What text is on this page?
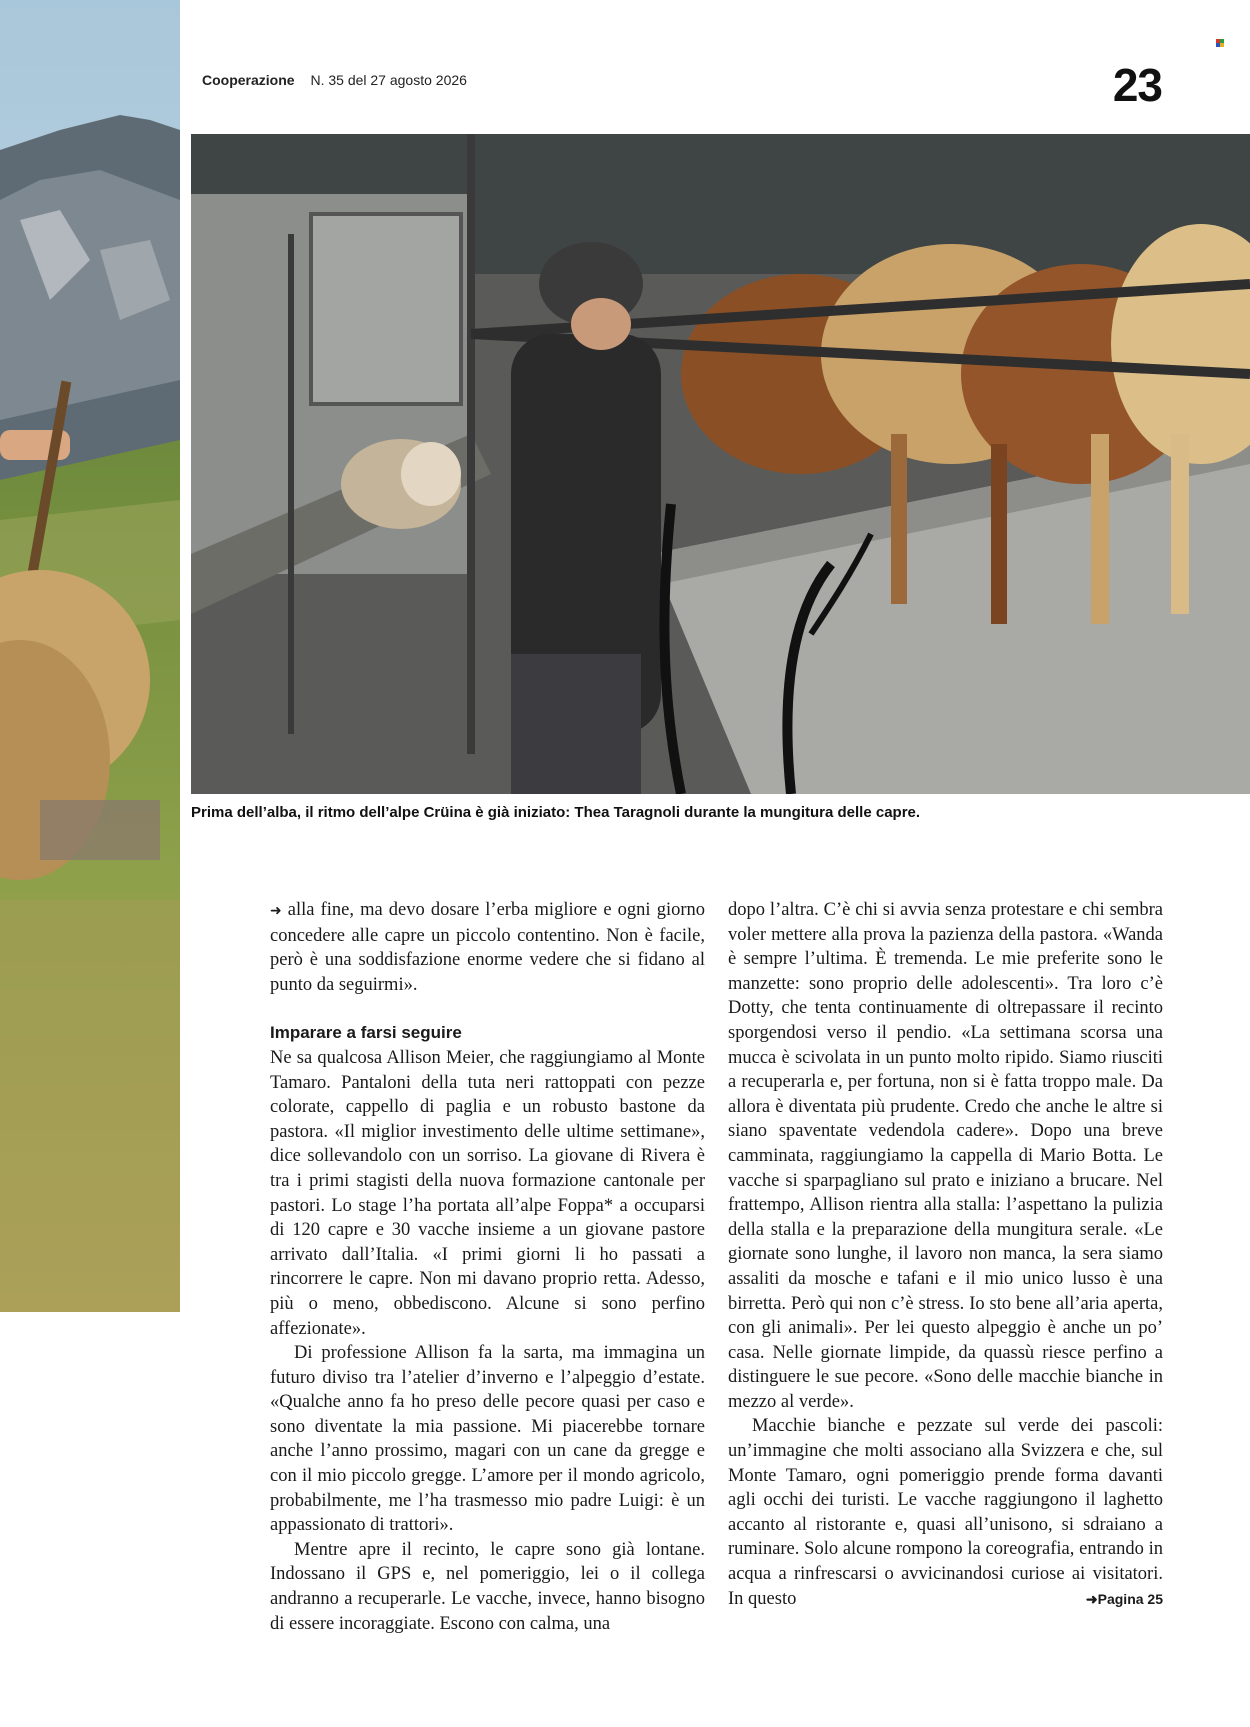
Cooperazione N. 35 del 27 agosto 2026	23
Prima dell’alba, il ritmo dell’alpe Crüina è già iniziato: Thea Taragnoli durante la mungitura delle capre.

➜ alla fine, ma devo dosare l’erba migliore e ogni giorno concedere alle capre un piccolo contentino. Non è facile, però è una soddisfazione enorme vedere che si fidano al punto da seguirmi».

Imparare a farsi seguire

Ne sa qualcosa Allison Meier, che raggiungiamo al Monte Tamaro. Pantaloni della tuta neri rattoppati con pezze colorate, cappello di paglia e un robusto bastone da pastora. «Il miglior investimento delle ultime settimane», dice sollevandolo con un sorriso. La giovane di Rivera è tra i primi stagisti della nuova formazione cantonale per pastori. Lo stage l’ha portata all’alpe Foppa* a occuparsi di 120 capre e 30 vacche insieme a un giovane pastore arrivato dall’Italia. «I primi giorni li ho passati a rincorrere le capre. Non mi davano proprio retta. Adesso, più o meno, obbediscono. Alcune si sono perfino affezionate».

Di professione Allison fa la sarta, ma immagina un futuro diviso tra l’atelier d’inverno e l’alpeggio d’estate. «Qualche anno fa ho preso delle pecore quasi per caso e sono diventate la mia passione. Mi piacerebbe tornare anche l’anno prossimo, magari con un cane da gregge e con il mio piccolo gregge. L’amore per il mondo agricolo, probabilmente, me l’ha trasmesso mio padre Luigi: è un appassionato di trattori».

Mentre apre il recinto, le capre sono già lontane. Indossano il GPS e, nel pomeriggio, lei o il collega andranno a recuperarle. Le vacche, invece, hanno bisogno di essere incoraggiate. Escono con calma, una

dopo l’altra. C’è chi si avvia senza protestare e chi sembra voler mettere alla prova la pazienza della pastora. «Wanda è sempre l’ultima. È tremenda. Le mie preferite sono le manzette: sono proprio delle adolescenti». Tra loro c’è Dotty, che tenta continuamente di oltrepassare il recinto sporgendosi verso il pendio. «La settimana scorsa una mucca è scivolata in un punto molto ripido. Siamo riusciti a recuperarla e, per fortuna, non si è fatta troppo male. Da allora è diventata più prudente. Credo che anche le altre si siano spaventate vedendola cadere». Dopo una breve camminata, raggiungiamo la cappella di Mario Botta. Le vacche si sparpagliano sul prato e iniziano a brucare. Nel frattempo, Allison rientra alla stalla: l’aspettano la pulizia della stalla e la preparazione della mungitura serale. «Le giornate sono lunghe, il lavoro non manca, la sera siamo assaliti da mosche e tafani e il mio unico lusso è una birretta. Però qui non c’è stress. Io sto bene all’aria aperta, con gli animali». Per lei questo alpeggio è anche un po’ casa. Nelle giornate limpide, da quassù riesce perfino a distinguere le sue pecore. «Sono delle macchie bianche in mezzo al verde».

Macchie bianche e pezzate sul verde dei pascoli: un’immagine che molti associano alla Svizzera e che, sul Monte Tamaro, ogni pomeriggio prende forma davanti agli occhi dei turisti. Le vacche raggiungono il laghetto accanto al ristorante e, quasi all’unisono, si sdraiano a ruminare. Solo alcune rompono la coreografia, entrando in acqua a rinfrescarsi o avvicinandosi curiose ai visitatori. In questo	➜Pagina 25
